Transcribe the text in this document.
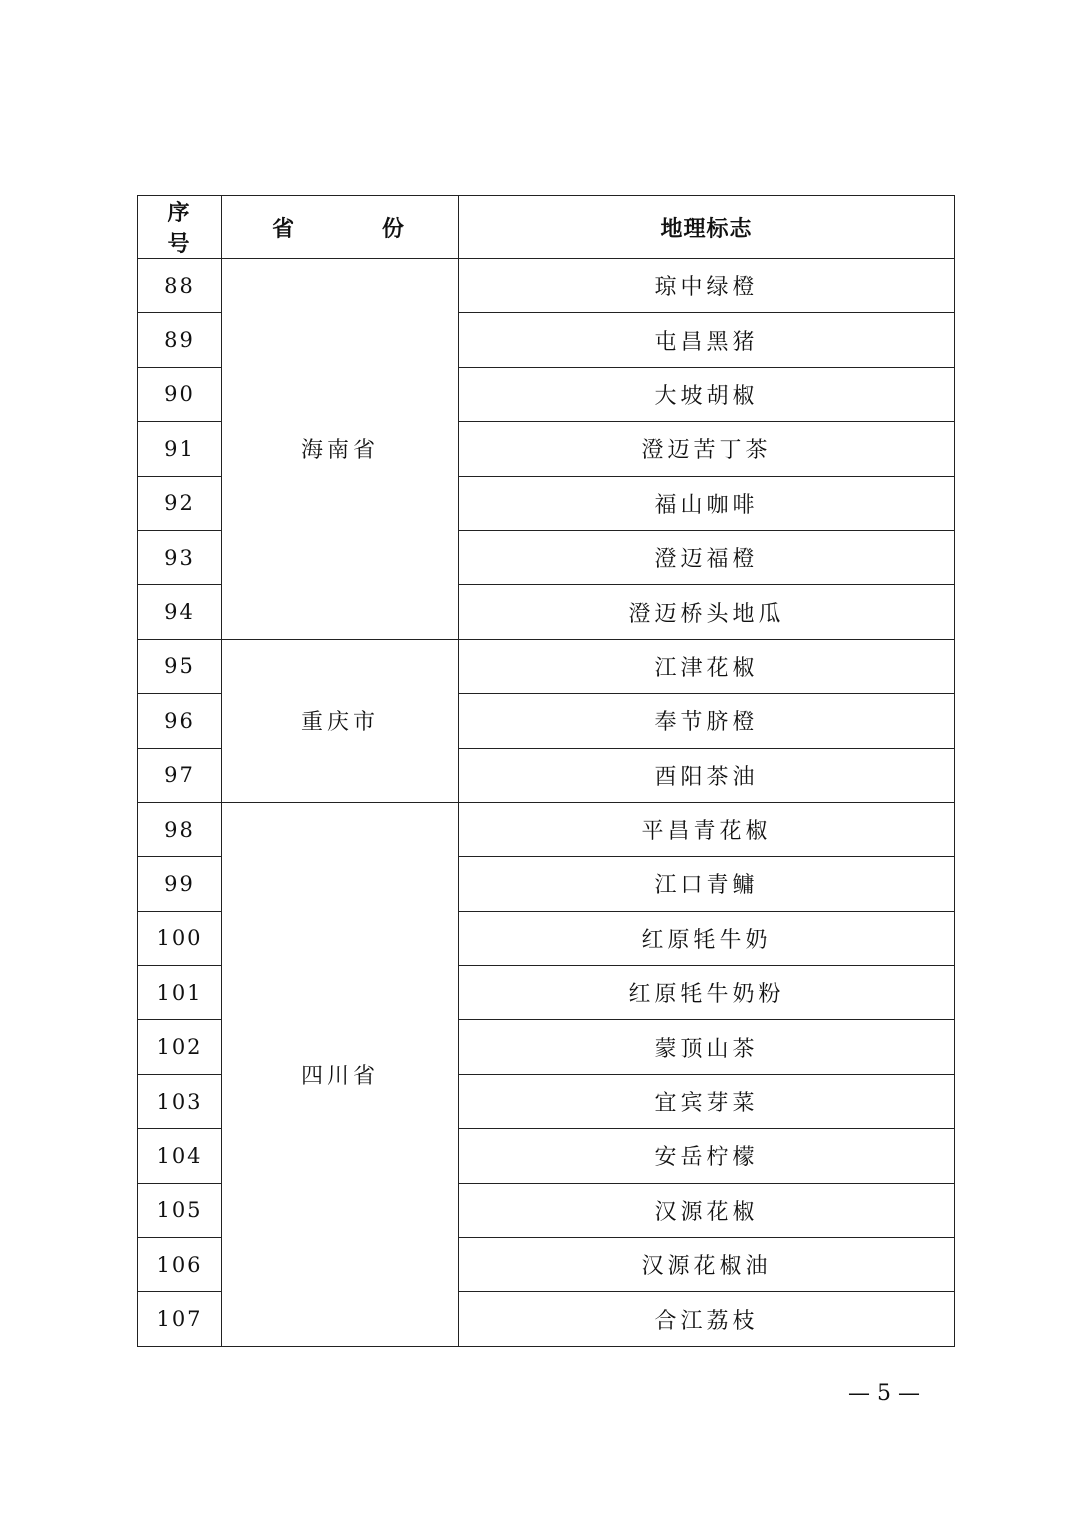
序 号	省 份	地理标志
88	海南省	琼中绿橙
89		屯昌黑猪
90		大坡胡椒
91		澄迈苦丁茶
92		福山咖啡
93		澄迈福橙
94		澄迈桥头地瓜
95	重庆市	江津花椒
96		奉节脐橙
97		酉阳茶油
98	四川省	平昌青花椒
99		江口青鳙
100		红原牦牛奶
101		红原牦牛奶粉
102		蒙顶山茶
103		宜宾芽菜
104		安岳柠檬
105		汉源花椒
106		汉源花椒油
107		合江荔枝
— 5 —
